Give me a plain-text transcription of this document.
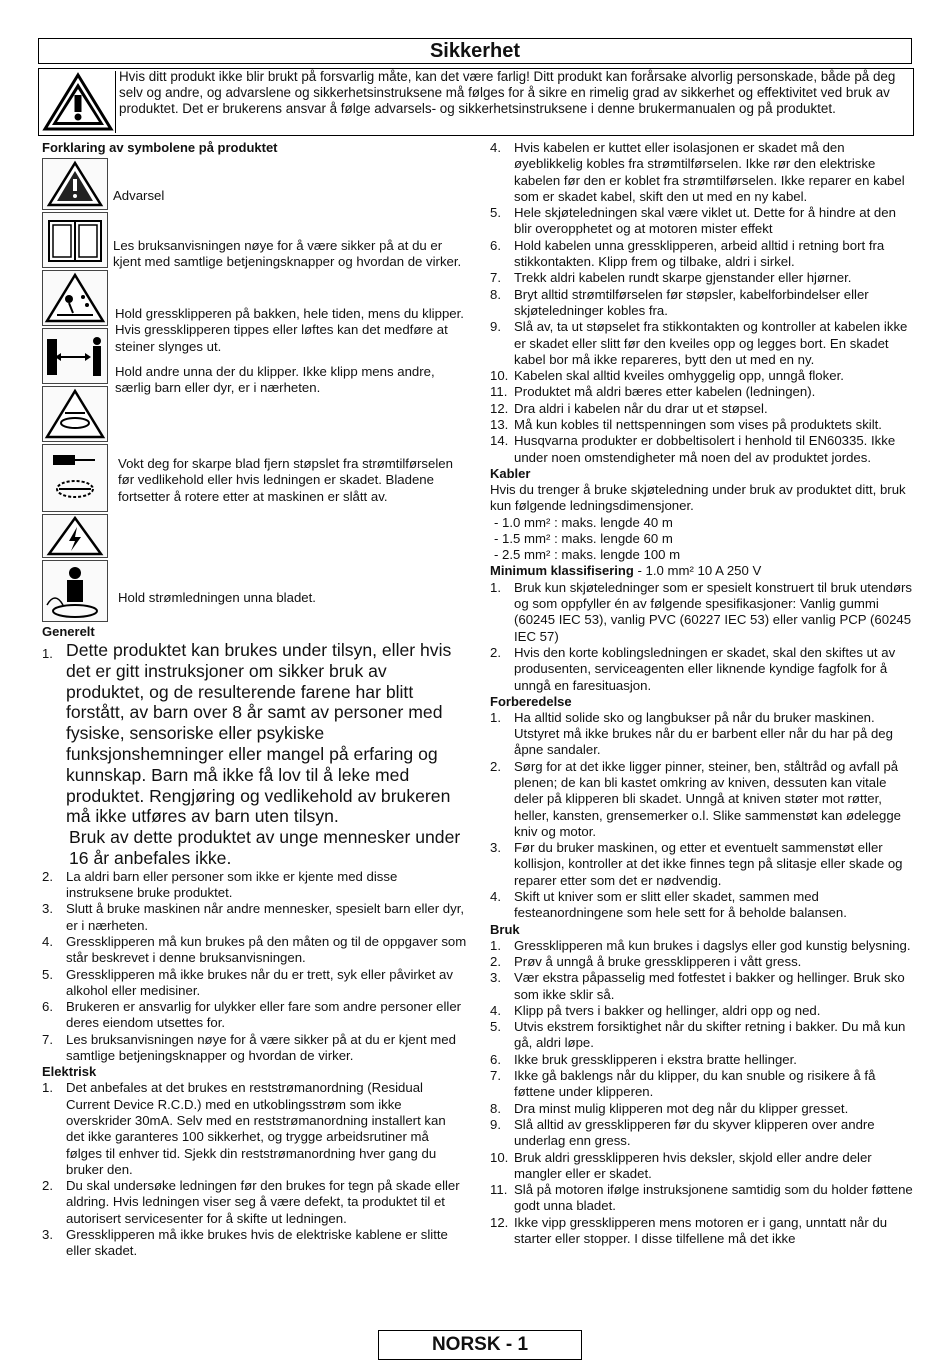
Sikkerhet
Hvis ditt produkt ikke blir brukt på forsvarlig måte, kan det være farlig! Ditt produkt kan forårsake alvorlig personskade, både på deg selv og andre, og advarslene og sikkerhetsinstruksene må følges for å sikre en rimelig grad av sikkerhet og effektivitet ved bruk av produktet. Det er brukerens ansvar å følge advarsels- og sikkerhetsinstruksene i denne brukermanualen og på produktet.
Forklaring av symbolene på produktet
Advarsel
Les bruksanvisningen nøye for å være sikker på at du er kjent med samtlige betjeningsknapper og hvordan de virker.
Hold gressklipperen på bakken, hele tiden, mens du klipper. Hvis gressklipperen tippes eller løftes kan det medføre at steiner slynges ut.
Hold andre unna der du klipper. Ikke klipp mens andre, særlig barn eller dyr, er i nærheten.
Vokt deg for skarpe blad fjern støpslet fra strømtilførselen før vedlikehold eller hvis ledningen er skadet. Bladene fortsetter å rotere etter at maskinen er slått av.
Hold strømledningen unna bladet.
Generelt
1. Dette produktet kan brukes under tilsyn, eller hvis det er gitt instruksjoner om sikker bruk av produktet, og de resulterende farene har blitt forstått, av barn over 8 år samt av personer med fysiske, sensoriske eller psykiske funksjonshemninger eller mangel på erfaring og kunnskap. Barn må ikke få lov til å leke med produktet. Rengjøring og vedlikehold av brukeren må ikke utføres av barn uten tilsyn.
Bruk av dette produktet av unge mennesker under 16 år anbefales ikke.
2. La aldri barn eller personer som ikke er kjente med disse instruksene bruke produktet.
3. Slutt å bruke maskinen når andre mennesker, spesielt barn eller dyr, er i nærheten.
4. Gressklipperen må kun brukes på den måten og til de oppgaver som står beskrevet i denne bruksanvisningen.
5. Gressklipperen må ikke brukes når du er trett, syk eller påvirket av alkohol eller medisiner.
6. Brukeren er ansvarlig for ulykker eller fare som andre personer eller deres eiendom utsettes for.
7. Les bruksanvisningen nøye for å være sikker på at du er kjent med samtlige betjeningsknapper og hvordan de virker.
Elektrisk
1. Det anbefales at det brukes en reststrømanordning (Residual Current Device R.C.D.) med en utkoblingsstrøm som ikke overskrider 30mA. Selv med en reststrømanordning installert kan det ikke garanteres 100 sikkerhet, og trygge arbeidsrutiner må følges til enhver tid. Sjekk din reststrømanordning hver gang du bruker den.
2. Du skal undersøke ledningen før den brukes for tegn på skade eller aldring. Hvis ledningen viser seg å være defekt, ta produktet til et autorisert servicesenter for å skifte ut ledningen.
3. Gressklipperen må ikke brukes hvis de elektriske kablene er slitte eller skadet.
4. Hvis kabelen er kuttet eller isolasjonen er skadet må den øyeblikkelig kobles fra strømtilførselen. Ikke rør den elektriske kabelen før den er koblet fra strømtilførselen. Ikke reparer en kabel som er skadet kabel, skift den ut med en ny kabel.
5. Hele skjøteledningen skal være viklet ut. Dette for å hindre at den blir overopphetet og at motoren mister effekt
6. Hold kabelen unna gressklipperen, arbeid alltid i retning bort fra stikkontakten. Klipp frem og tilbake, aldri i sirkel.
7. Trekk aldri kabelen rundt skarpe gjenstander eller hjørner.
8. Bryt alltid strømtilførselen før støpsler, kabelforbindelser eller skjøteledninger kobles fra.
9. Slå av, ta ut støpselet fra stikkontakten og kontroller at kabelen ikke er skadet eller slitt før den kveiles opp og legges bort. En skadet kabel bor må ikke repareres, bytt den ut med en ny.
10. Kabelen skal alltid kveiles omhyggelig opp, unngå floker.
11. Produktet må aldri bæres etter kabelen (ledningen).
12. Dra aldri i kabelen når du drar ut et støpsel.
13. Må kun kobles til nettspenningen som vises på produktets skilt.
14. Husqvarna produkter er dobbeltisolert i henhold til EN60335. Ikke under noen omstendigheter må noen del av produktet jordes.
Kabler
Hvis du trenger å bruke skjøteledning under bruk av produktet ditt, bruk kun følgende ledningsdimensjoner.
- 1.0 mm² : maks. lengde 40 m
- 1.5 mm² : maks. lengde 60 m
- 2.5 mm² : maks. lengde 100 m
Minimum klassifisering - 1.0 mm² 10 A 250 V
1. Bruk kun skjøteledninger som er spesielt konstruert til bruk utendørs og som oppfyller én av følgende spesifikasjoner: Vanlig gummi (60245 IEC 53), vanlig PVC (60227 IEC 53) eller vanlig PCP (60245 IEC 57)
2. Hvis den korte koblingsledningen er skadet, skal den skiftes ut av produsenten, serviceagenten eller liknende kyndige fagfolk for å unngå en faresituasjon.
Forberedelse
1. Ha alltid solide sko og langbukser på når du bruker maskinen. Utstyret må ikke brukes når du er barbent eller når du har på deg åpne sandaler.
2. Sørg for at det ikke ligger pinner, steiner, ben, ståltråd og avfall på plenen; de kan bli kastet omkring av kniven, dessuten kan vitale deler på klipperen bli skadet. Unngå at kniven støter mot røtter, heller, kansten, grensemerker o.l. Slike sammenstøt kan ødelegge kniv og motor.
3. Før du bruker maskinen, og etter et eventuelt sammenstøt eller kollisjon, kontroller at det ikke finnes tegn på slitasje eller skade og reparer etter som det er nødvendig.
4. Skift ut kniver som er slitt eller skadet, sammen med festeanordningene som hele sett for å beholde balansen.
Bruk
1. Gressklipperen må kun brukes i dagslys eller god kunstig belysning.
2. Prøv å unngå å bruke gressklipperen i vått gress.
3. Vær ekstra påpasselig med fotfestet i bakker og hellinger. Bruk sko som ikke sklir så.
4. Klipp på tvers i bakker og hellinger, aldri opp og ned.
5. Utvis ekstrem forsiktighet når du skifter retning i bakker. Du må kun gå, aldri løpe.
6. Ikke bruk gressklipperen i ekstra bratte hellinger.
7. Ikke gå baklengs når du klipper, du kan snuble og risikere å få føttene under klipperen.
8. Dra minst mulig klipperen mot deg når du klipper gresset.
9. Slå alltid av gressklipperen før du skyver klipperen over andre underlag enn gress.
10. Bruk aldri gressklipperen hvis deksler, skjold eller andre deler mangler eller er skadet.
11. Slå på motoren ifølge instruksjonene samtidig som du holder føttene godt unna bladet.
12. Ikke vipp gressklipperen mens motoren er i gang, unntatt når du starter eller stopper. I disse tilfellene må det ikke
NORSK - 1
